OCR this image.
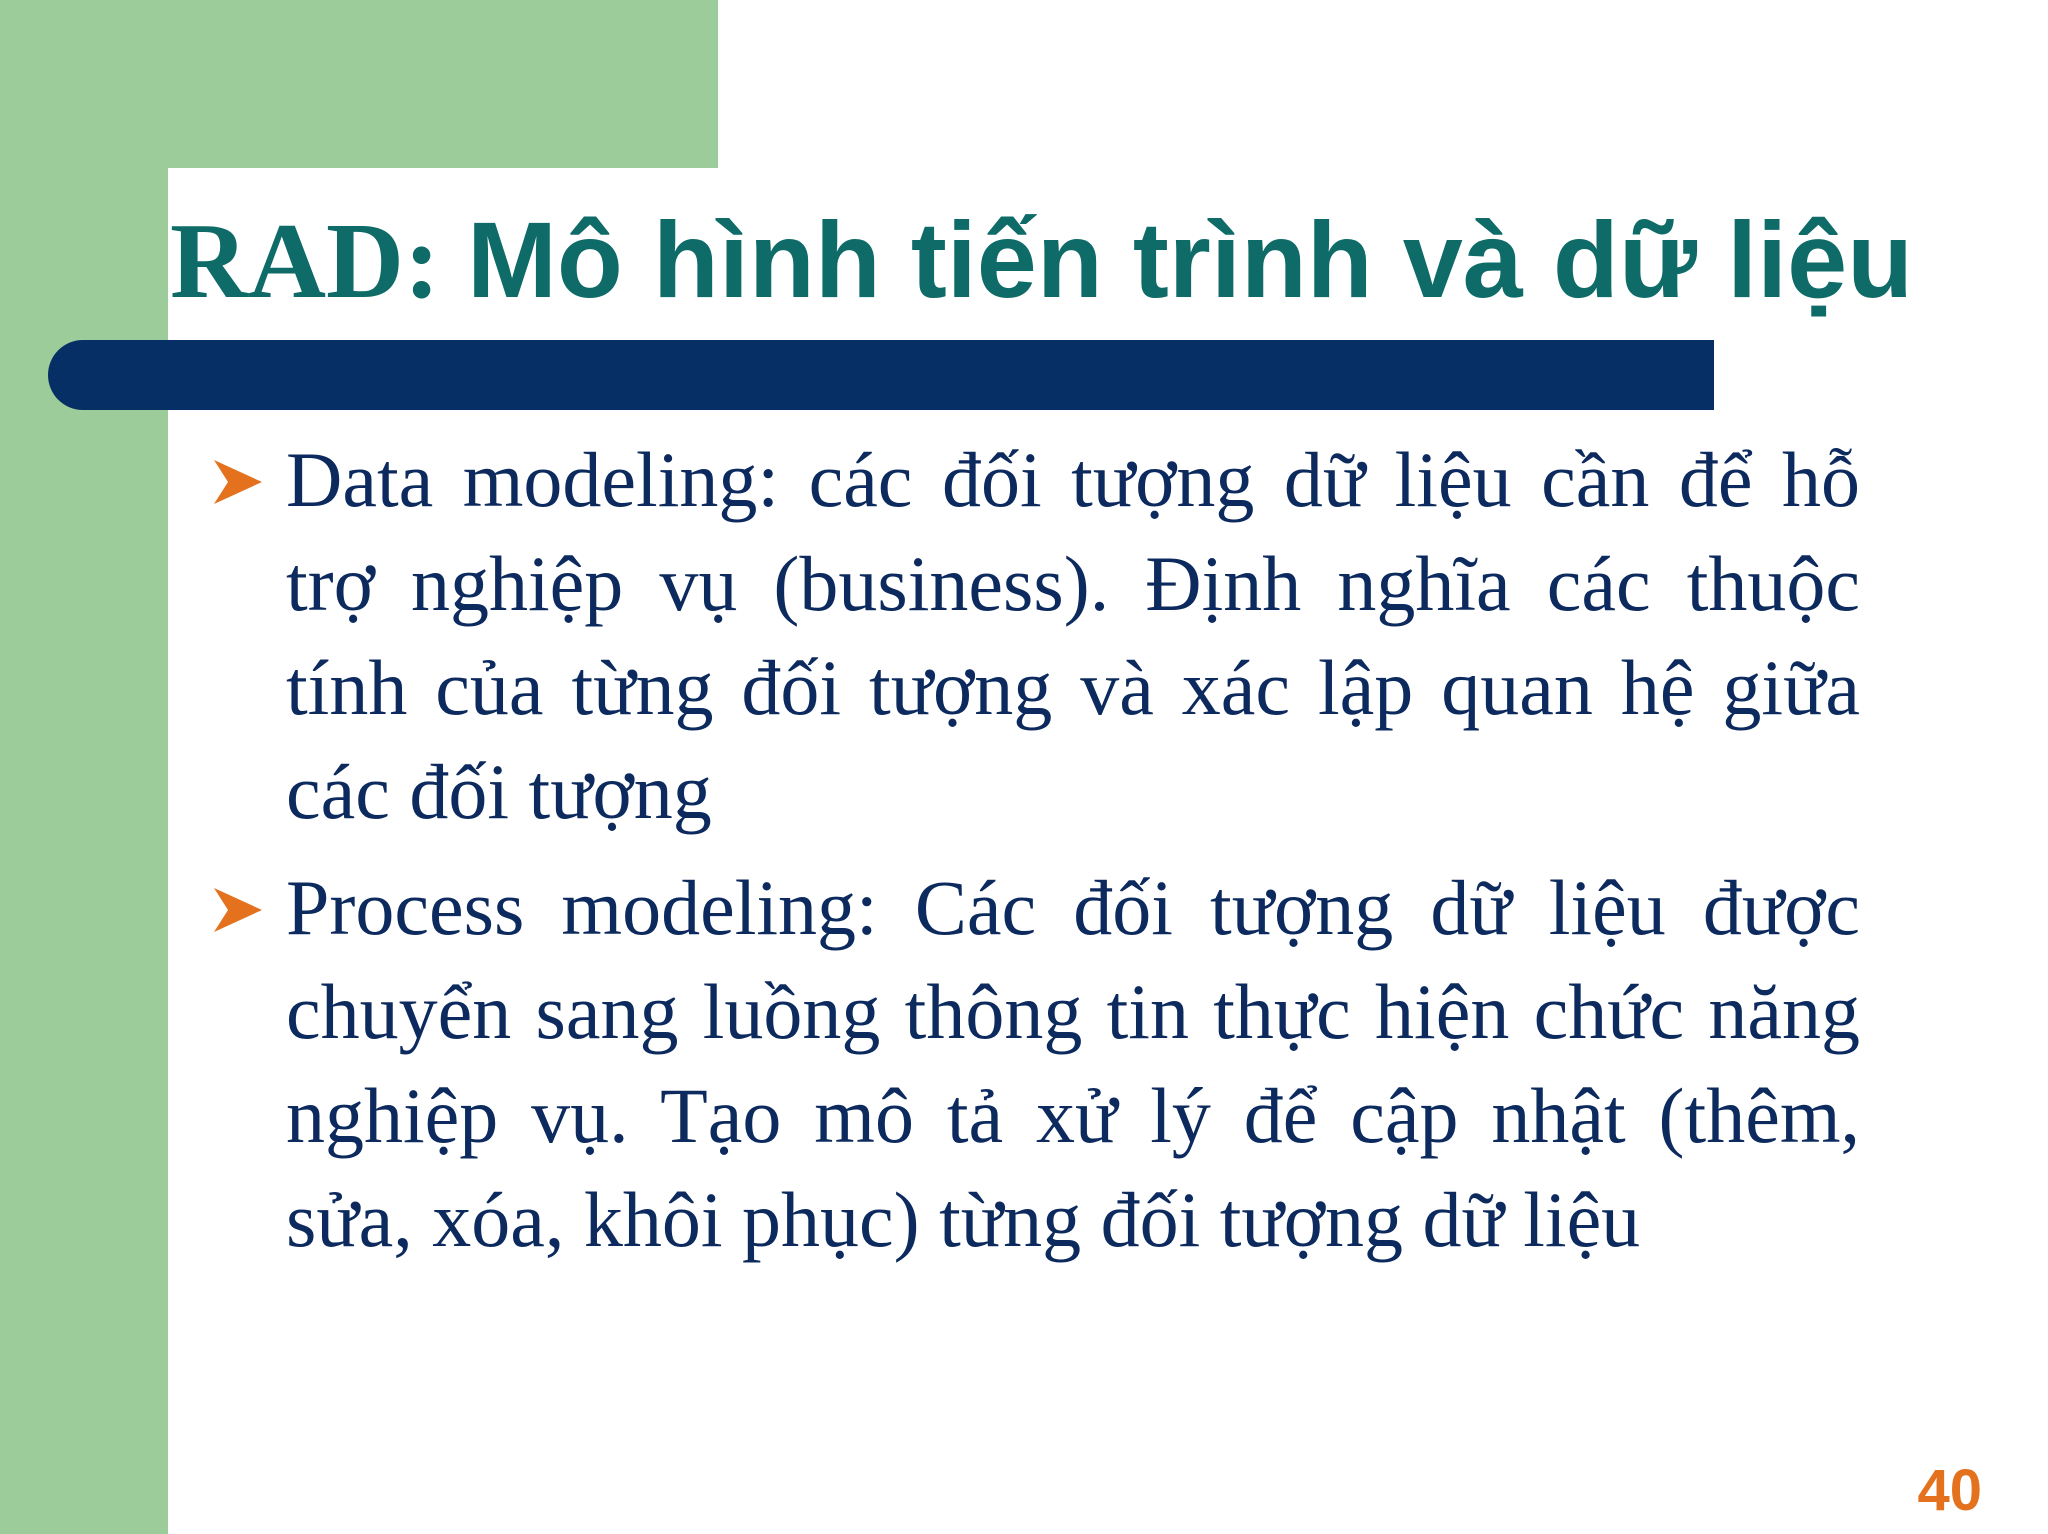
RAD: Mô hình tiến trình và dữ liệu
Data modeling: các đối tượng dữ liệu cần để hỗ trợ nghiệp vụ (business). Định nghĩa các thuộc tính của từng đối tượng và xác lập quan hệ giữa các đối tượng
Process modeling: Các đối tượng dữ liệu được chuyển sang luồng thông tin thực hiện chức năng nghiệp vụ. Tạo mô tả xử lý để cập nhật (thêm, sửa, xóa, khôi phục) từng đối tượng dữ liệu
40
